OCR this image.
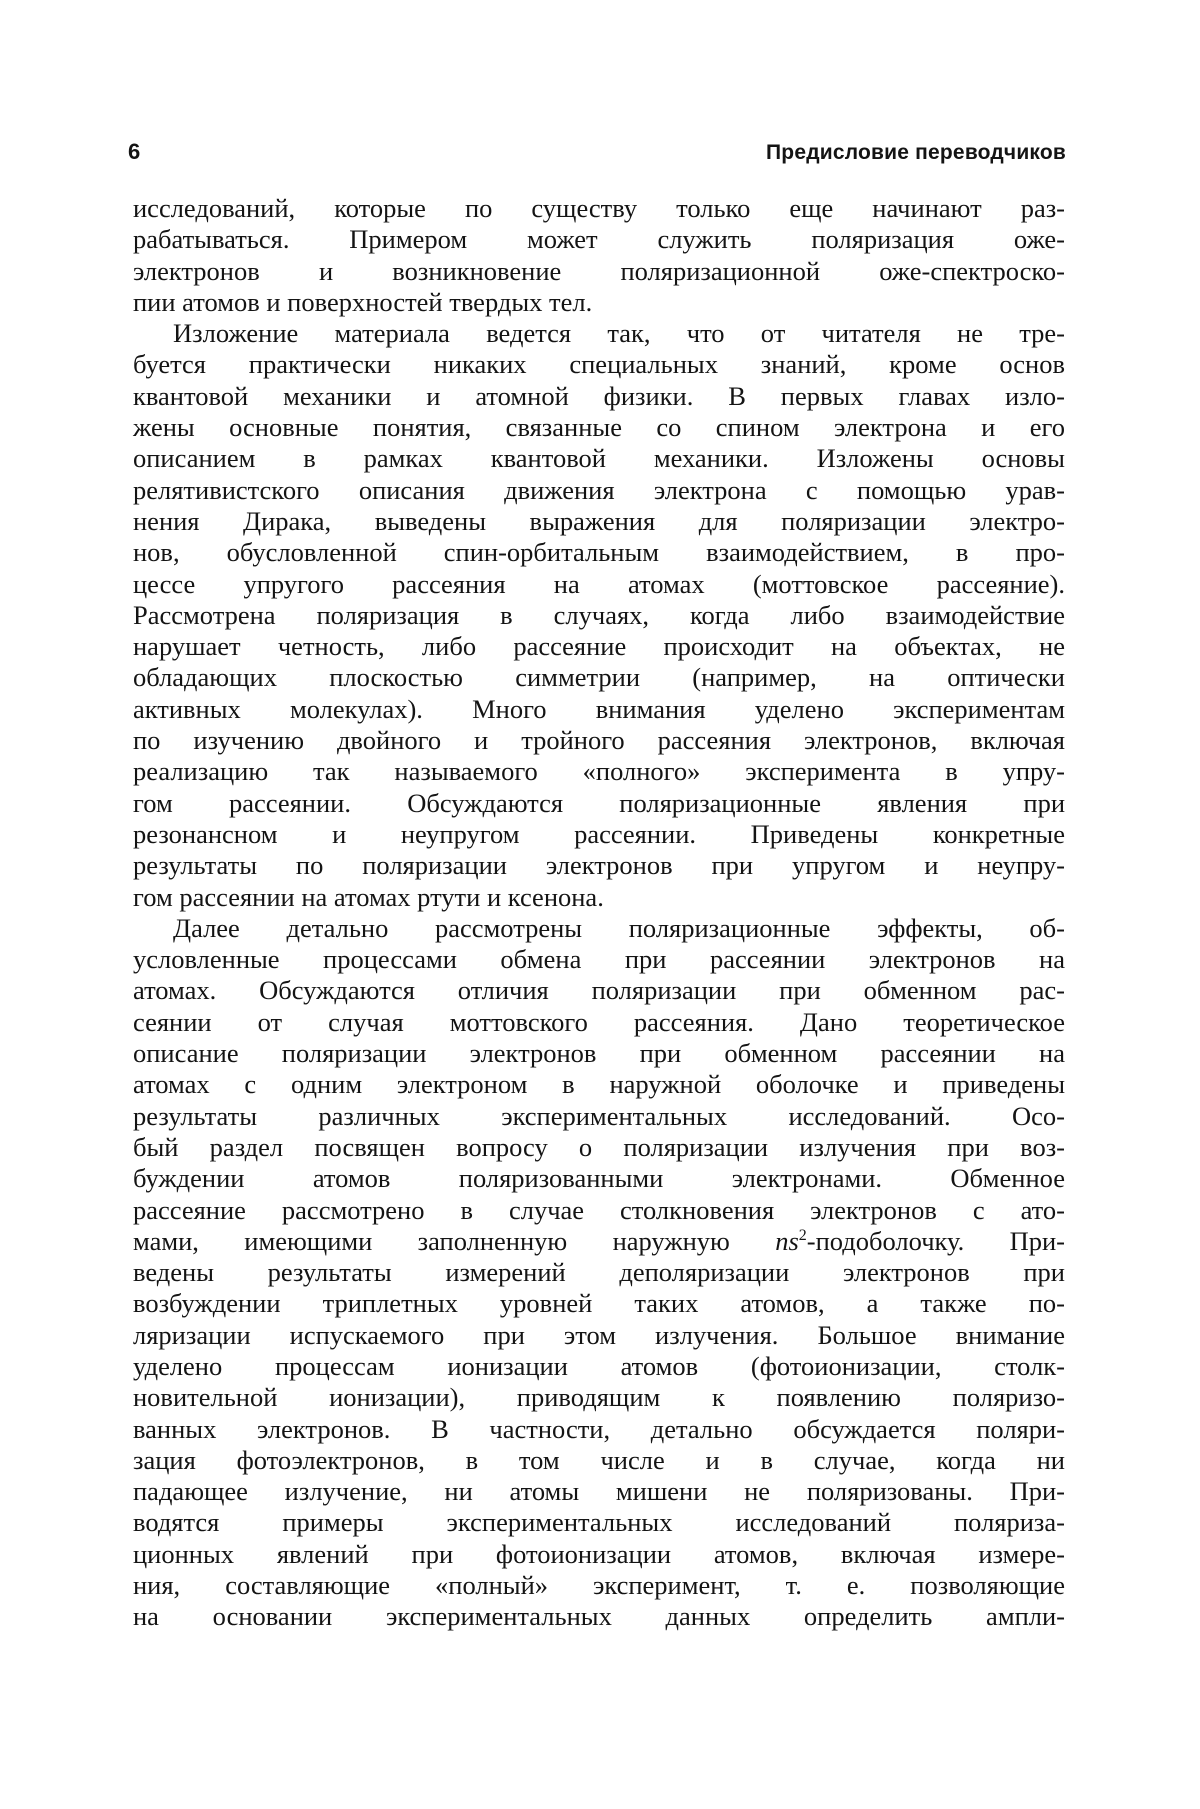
6	Предисловие переводчиков
исследований, которые по существу только еще начинают раз-
рабатываться. Примером может служить поляризация оже-
электронов и возникновение поляризационной оже-спектроско-
пии атомов и поверхностей твердых тел.
Изложение материала ведется так, что от читателя не тре-
буется практически никаких специальных знаний, кроме основ
квантовой механики и атомной физики. В первых главах изло-
жены основные понятия, связанные со спином электрона и его
описанием в рамках квантовой механики. Изложены основы
релятивистского описания движения электрона с помощью урав-
нения Дирака, выведены выражения для поляризации электро-
нов, обусловленной спин-орбитальным взаимодействием, в про-
цессе упругого рассеяния на атомах (моттовское рассеяние).
Рассмотрена поляризация в случаях, когда либо взаимодействие
нарушает четность, либо рассеяние происходит на объектах, не
обладающих плоскостью симметрии (например, на оптически
активных молекулах). Много внимания уделено экспериментам
по изучению двойного и тройного рассеяния электронов, включая
реализацию так называемого «полного» эксперимента в упру-
гом рассеянии. Обсуждаются поляризационные явления при
резонансном и неупругом рассеянии. Приведены конкретные
результаты по поляризации электронов при упругом и неупру-
гом рассеянии на атомах ртути и ксенона.
Далее детально рассмотрены поляризационные эффекты, об-
условленные процессами обмена при рассеянии электронов на
атомах. Обсуждаются отличия поляризации при обменном рас-
сеянии от случая моттовского рассеяния. Дано теоретическое
описание поляризации электронов при обменном рассеянии на
атомах с одним электроном в наружной оболочке и приведены
результаты различных экспериментальных исследований. Осо-
бый раздел посвящен вопросу о поляризации излучения при воз-
буждении атомов поляризованными электронами. Обменное
рассеяние рассмотрено в случае столкновения электронов с ато-
мами, имеющими заполненную наружную $ns^2$-подоболочку. При-
ведены результаты измерений деполяризации электронов при
возбуждении триплетных уровней таких атомов, а также по-
ляризации испускаемого при этом излучения. Большое внимание
уделено процессам ионизации атомов (фотоионизации, столк-
новительной ионизации), приводящим к появлению поляризо-
ванных электронов. В частности, детально обсуждается поляри-
зация фотоэлектронов, в том числе и в случае, когда ни
падающее излучение, ни атомы мишени не поляризованы. При-
водятся примеры экспериментальных исследований поляриза-
ционных явлений при фотоионизации атомов, включая измере-
ния, составляющие «полный» эксперимент, т. е. позволяющие
на основании экспериментальных данных определить ампли-
